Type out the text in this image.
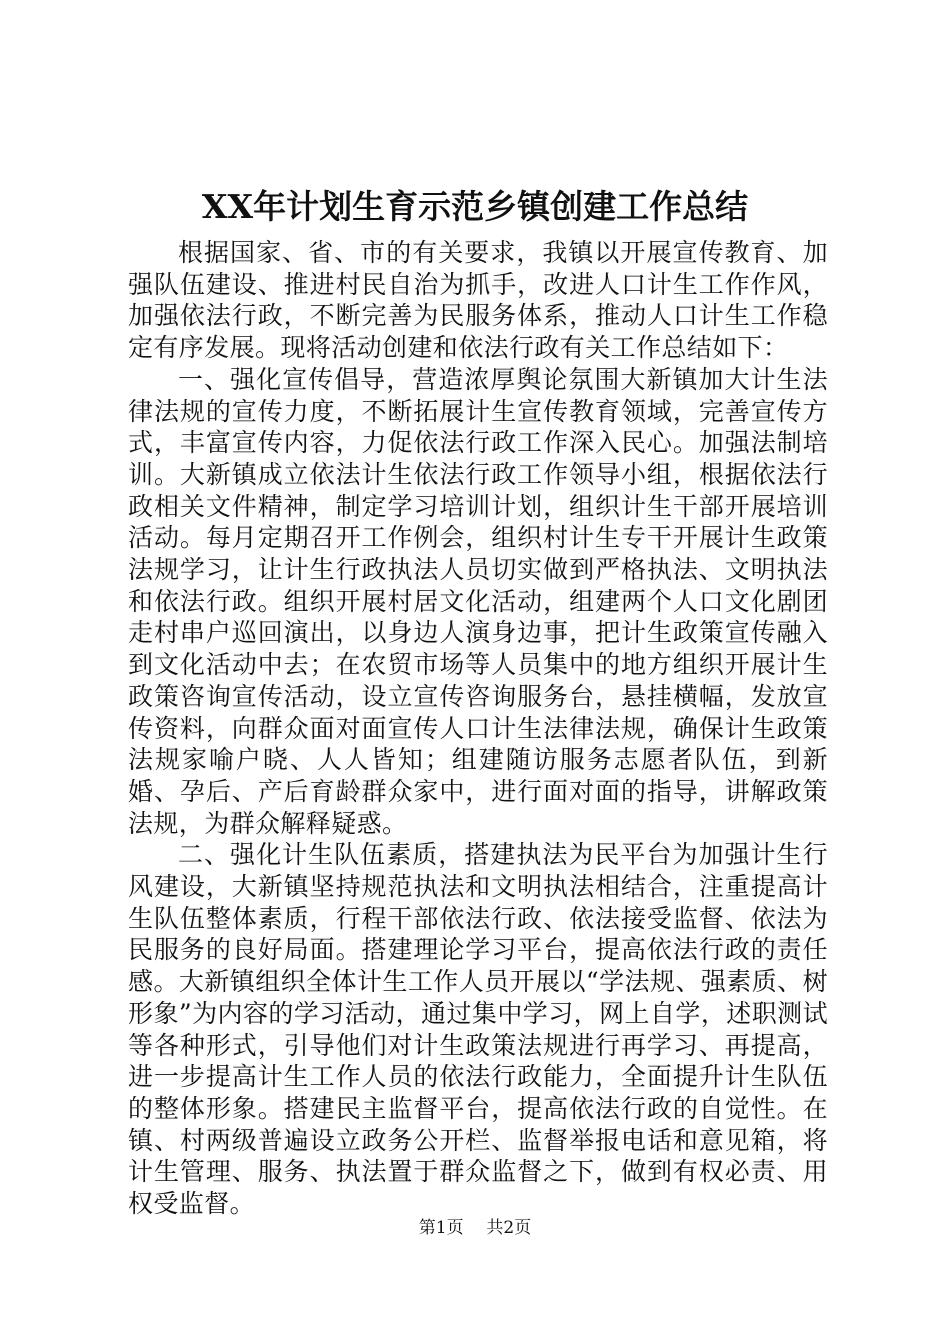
XX年计划生育示范乡镇创建工作总结

根据国家、省、市的有关要求，我镇以开展宣传教育、加强队伍建设、推进村民自治为抓手，改进人口计生工作作风，加强依法行政，不断完善为民服务体系，推动人口计生工作稳定有序发展。现将活动创建和依法行政有关工作总结如下：

一、强化宣传倡导，营造浓厚舆论氛围大新镇加大计生法律法规的宣传力度，不断拓展计生宣传教育领域，完善宣传方式，丰富宣传内容，力促依法行政工作深入民心。加强法制培训。大新镇成立依法计生依法行政工作领导小组，根据依法行政相关文件精神，制定学习培训计划，组织计生干部开展培训活动。每月定期召开工作例会，组织村计生专干开展计生政策法规学习，让计生行政执法人员切实做到严格执法、文明执法和依法行政。组织开展村居文化活动，组建两个人口文化剧团走村串户巡回演出，以身边人演身边事，把计生政策宣传融入到文化活动中去；在农贸市场等人员集中的地方组织开展计生政策咨询宣传活动，设立宣传咨询服务台，悬挂横幅，发放宣传资料，向群众面对面宣传人口计生法律法规，确保计生政策法规家喻户晓、人人皆知；组建随访服务志愿者队伍，到新婚、孕后、产后育龄群众家中，进行面对面的指导，讲解政策法规，为群众解释疑惑。

二、强化计生队伍素质，搭建执法为民平台为加强计生行风建设，大新镇坚持规范执法和文明执法相结合，注重提高计生队伍整体素质，行程干部依法行政、依法接受监督、依法为民服务的良好局面。搭建理论学习平台，提高依法行政的责任感。大新镇组织全体计生工作人员开展以“学法规、强素质、树形象”为内容的学习活动，通过集中学习，网上自学，述职测试等各种形式，引导他们对计生政策法规进行再学习、再提高，进一步提高计生工作人员的依法行政能力，全面提升计生队伍的整体形象。搭建民主监督平台，提高依法行政的自觉性。在镇、村两级普遍设立政务公开栏、监督举报电话和意见箱，将计生管理、服务、执法置于群众监督之下，做到有权必责、用权受监督。

第1页 共2页
